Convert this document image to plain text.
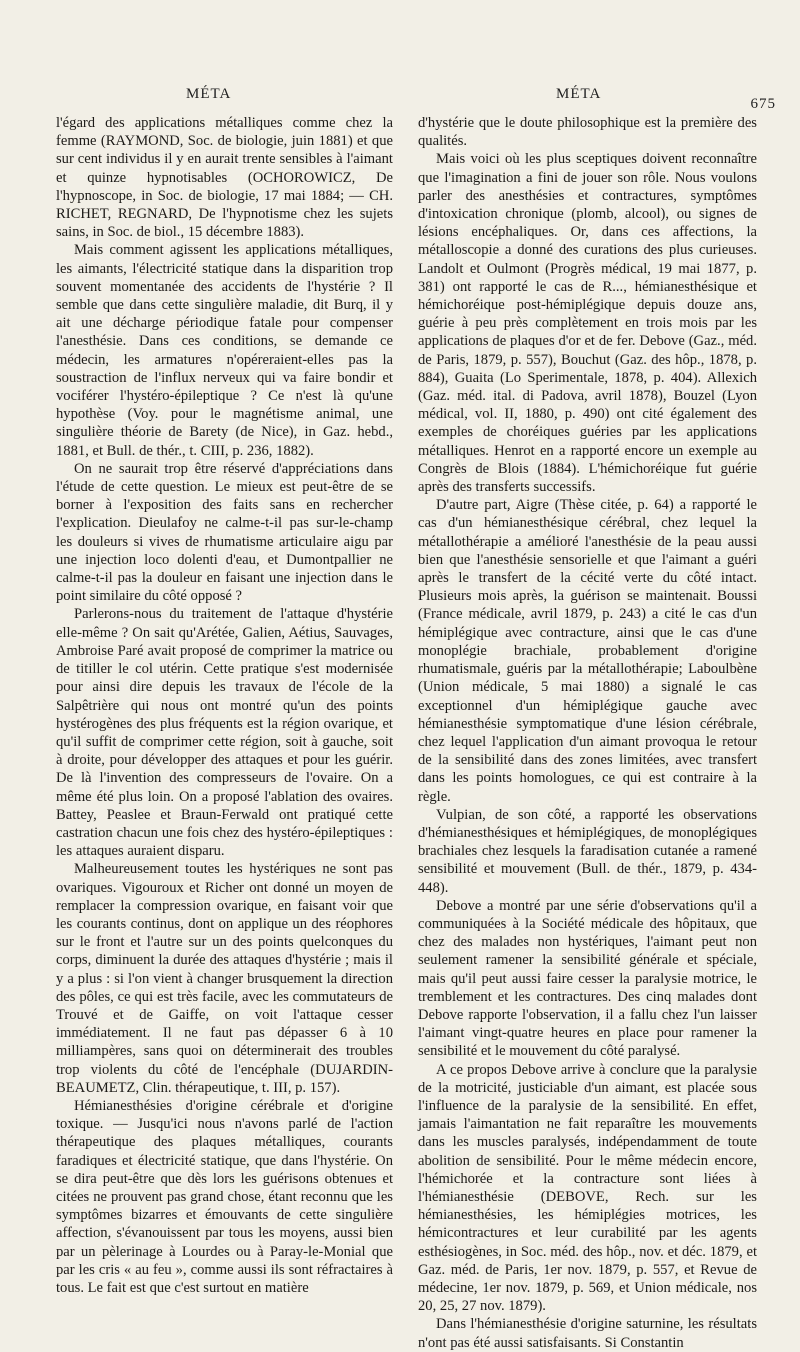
MÉTA	MÉTA
675

l'égard des applications métalliques comme chez la femme (RAYMOND, Soc. de biologie, juin 1881) et que sur cent individus il y en aurait trente sensibles à l'aimant et quinze hypnotisables (OCHOROWICZ, De l'hypnoscope, in Soc. de biologie, 17 mai 1884; — CH. RICHET, REGNARD, De l'hypnotisme chez les sujets sains, in Soc. de biol., 15 décembre 1883).

Mais comment agissent les applications métalliques, les aimants, l'électricité statique dans la disparition trop souvent momentanée des accidents de l'hystérie ? Il semble que dans cette singulière maladie, dit Burq, il y ait une décharge périodique fatale pour compenser l'anesthésie. Dans ces conditions, se demande ce médecin, les armatures n'opéreraient-elles pas la soustraction de l'influx nerveux qui va faire bondir et vociférer l'hystéro-épileptique ? Ce n'est là qu'une hypothèse (Voy. pour le magnétisme animal, une singulière théorie de Barety (de Nice), in Gaz. hebd., 1881, et Bull. de thér., t. CIII, p. 236, 1882).

On ne saurait trop être réservé d'appréciations dans l'étude de cette question. Le mieux est peut-être de se borner à l'exposition des faits sans en rechercher l'explication. Dieulafoy ne calme-t-il pas sur-le-champ les douleurs si vives de rhumatisme articulaire aigu par une injection loco dolenti d'eau, et Dumontpallier ne calme-t-il pas la douleur en faisant une injection dans le point similaire du côté opposé ?

Parlerons-nous du traitement de l'attaque d'hystérie elle-même ? On sait qu'Arétée, Galien, Aétius, Sauvages, Ambroise Paré avait proposé de comprimer la matrice ou de titiller le col utérin. Cette pratique s'est modernisée pour ainsi dire depuis les travaux de l'école de la Salpêtrière qui nous ont montré qu'un des points hystérogènes des plus fréquents est la région ovarique, et qu'il suffit de comprimer cette région, soit à gauche, soit à droite, pour développer des attaques et pour les guérir. De là l'invention des compresseurs de l'ovaire. On a même été plus loin. On a proposé l'ablation des ovaires. Battey, Peaslee et Braun-Ferwald ont pratiqué cette castration chacun une fois chez des hystéro-épileptiques : les attaques auraient disparu.

Malheureusement toutes les hystériques ne sont pas ovariques. Vigouroux et Richer ont donné un moyen de remplacer la compression ovarique, en faisant voir que les courants continus, dont on applique un des réophores sur le front et l'autre sur un des points quelconques du corps, diminuent la durée des attaques d'hystérie ; mais il y a plus : si l'on vient à changer brusquement la direction des pôles, ce qui est très facile, avec les commutateurs de Trouvé et de Gaiffe, on voit l'attaque cesser immédiatement. Il ne faut pas dépasser 6 à 10 milliampères, sans quoi on déterminerait des troubles trop violents du côté de l'encéphale (DUJARDIN-BEAUMETZ, Clin. thérapeutique, t. III, p. 157).

Hémianesthésies d'origine cérébrale et d'origine toxique. — Jusqu'ici nous n'avons parlé de l'action thérapeutique des plaques métalliques, courants faradiques et électricité statique, que dans l'hystérie. On se dira peut-être que dès lors les guérisons obtenues et citées ne prouvent pas grand chose, étant reconnu que les symptômes bizarres et émouvants de cette singulière affection, s'évanouissent par tous les moyens, aussi bien par un pèlerinage à Lourdes ou à Paray-le-Monial que par les cris « au feu », comme aussi ils sont réfractaires à tous. Le fait est que c'est surtout en matière

d'hystérie que le doute philosophique est la première des qualités.

Mais voici où les plus sceptiques doivent reconnaître que l'imagination a fini de jouer son rôle. Nous voulons parler des anesthésies et contractures, symptômes d'intoxication chronique (plomb, alcool), ou signes de lésions encéphaliques. Or, dans ces affections, la métalloscopie a donné des curations des plus curieuses. Landolt et Oulmont (Progrès médical, 19 mai 1877, p. 381) ont rapporté le cas de R..., hémianesthésique et hémichoréique post-hémiplégique depuis douze ans, guérie à peu près complètement en trois mois par les applications de plaques d'or et de fer. Debove (Gaz., méd. de Paris, 1879, p. 557), Bouchut (Gaz. des hôp., 1878, p. 884), Guaita (Lo Sperimentale, 1878, p. 404). Allexich (Gaz. méd. ital. di Padova, avril 1878), Bouzel (Lyon médical, vol. II, 1880, p. 490) ont cité également des exemples de choréiques guéries par les applications métalliques. Henrot en a rapporté encore un exemple au Congrès de Blois (1884). L'hémichoréique fut guérie après des transferts successifs.

D'autre part, Aigre (Thèse citée, p. 64) a rapporté le cas d'un hémianesthésique cérébral, chez lequel la métallothérapie a amélioré l'anesthésie de la peau aussi bien que l'anesthésie sensorielle et que l'aimant a guéri après le transfert de la cécité verte du côté intact. Plusieurs mois après, la guérison se maintenait. Boussi (France médicale, avril 1879, p. 243) a cité le cas d'un hémiplégique avec contracture, ainsi que le cas d'une monoplégie brachiale, probablement d'origine rhumatismale, guéris par la métallothérapie; Laboulbène (Union médicale, 5 mai 1880) a signalé le cas exceptionnel d'un hémiplégique gauche avec hémianesthésie symptomatique d'une lésion cérébrale, chez lequel l'application d'un aimant provoqua le retour de la sensibilité dans des zones limitées, avec transfert dans les points homologues, ce qui est contraire à la règle.

Vulpian, de son côté, a rapporté les observations d'hémianesthésiques et hémiplégiques, de monoplégiques brachiales chez lesquels la faradisation cutanée a ramené sensibilité et mouvement (Bull. de thér., 1879, p. 434-448).

Debove a montré par une série d'observations qu'il a communiquées à la Société médicale des hôpitaux, que chez des malades non hystériques, l'aimant peut non seulement ramener la sensibilité générale et spéciale, mais qu'il peut aussi faire cesser la paralysie motrice, le tremblement et les contractures. Des cinq malades dont Debove rapporte l'observation, il a fallu chez l'un laisser l'aimant vingt-quatre heures en place pour ramener la sensibilité et le mouvement du côté paralysé.

A ce propos Debove arrive à conclure que la paralysie de la motricité, justiciable d'un aimant, est placée sous l'influence de la paralysie de la sensibilité. En effet, jamais l'aimantation ne fait reparaître les mouvements dans les muscles paralysés, indépendamment de toute abolition de sensibilité. Pour le même médecin encore, l'hémichorée et la contracture sont liées à l'hémianesthésie (DEBOVE, Rech. sur les hémianesthésies, les hémiplégies motrices, les hémicontractures et leur curabilité par les agents esthésiogènes, in Soc. méd. des hôp., nov. et déc. 1879, et Gaz. méd. de Paris, 1er nov. 1879, p. 557, et Revue de médecine, 1er nov. 1879, p. 569, et Union médicale, nos 20, 25, 27 nov. 1879).

Dans l'hémianesthésie d'origine saturnine, les résultats n'ont pas été aussi satisfaisants. Si Constantin
